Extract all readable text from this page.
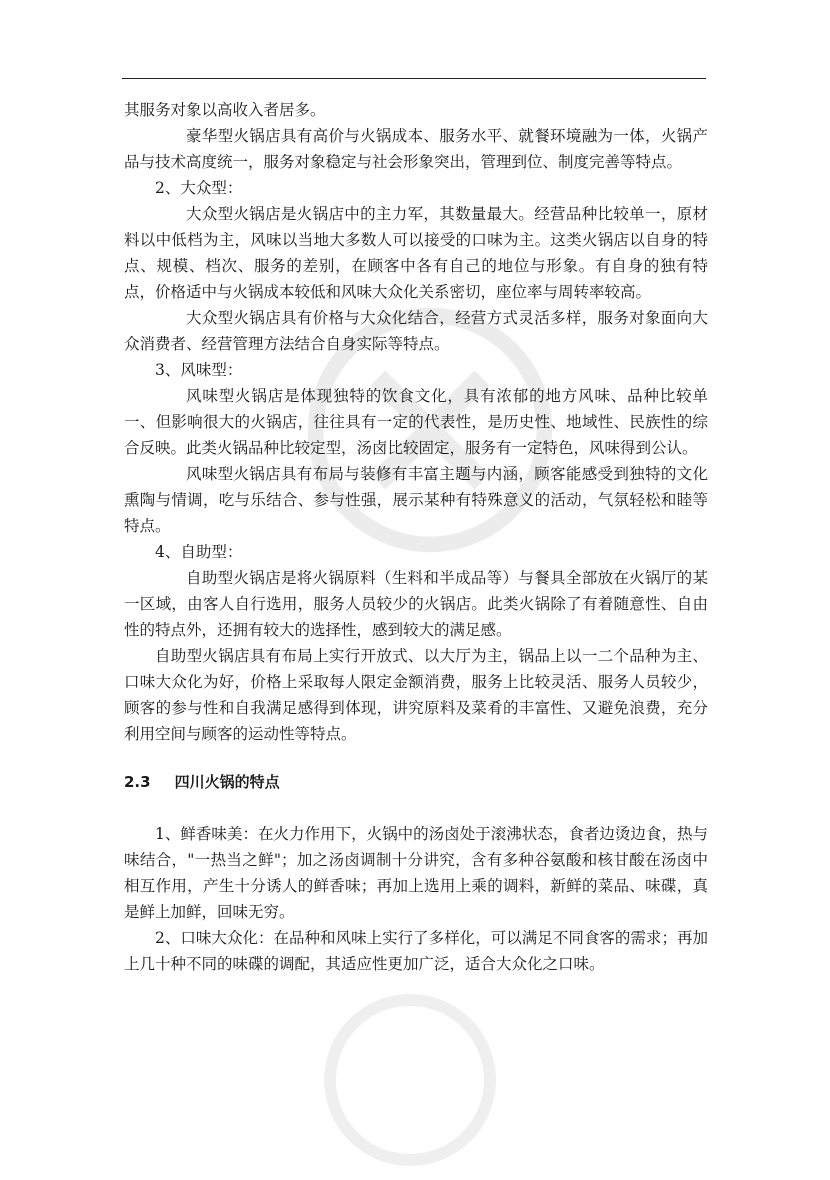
其服务对象以高收入者居多。

豪华型火锅店具有高价与火锅成本、服务水平、就餐环境融为一体，火锅产品与技术高度统一，服务对象稳定与社会形象突出，管理到位、制度完善等特点。

2、大众型：

大众型火锅店是火锅店中的主力军，其数量最大。经营品种比较单一，原材料以中低档为主，风味以当地大多数人可以接受的口味为主。这类火锅店以自身的特点、规模、档次、服务的差别，在顾客中各有自己的地位与形象。有自身的独有特点，价格适中与火锅成本较低和风味大众化关系密切，座位率与周转率较高。

大众型火锅店具有价格与大众化结合，经营方式灵活多样，服务对象面向大众消费者、经营管理方法结合自身实际等特点。

3、风味型：

风味型火锅店是体现独特的饮食文化，具有浓郁的地方风味、品种比较单一、但影响很大的火锅店，往往具有一定的代表性，是历史性、地域性、民族性的综合反映。此类火锅品种比较定型，汤卤比较固定，服务有一定特色，风味得到公认。

风味型火锅店具有布局与装修有丰富主题与内涵，顾客能感受到独特的文化熏陶与情调，吃与乐结合、参与性强，展示某种有特殊意义的活动，气氛轻松和睦等特点。

4、自助型：

自助型火锅店是将火锅原料（生料和半成品等）与餐具全部放在火锅厅的某一区域，由客人自行选用，服务人员较少的火锅店。此类火锅除了有着随意性、自由性的特点外，还拥有较大的选择性，感到较大的满足感。

自助型火锅店具有布局上实行开放式、以大厅为主，锅品上以一二个品种为主、口味大众化为好，价格上采取每人限定金额消费，服务上比较灵活、服务人员较少，顾客的参与性和自我满足感得到体现，讲究原料及菜肴的丰富性、又避免浪费，充分利用空间与顾客的运动性等特点。

2.3 四川火锅的特点

1、鲜香味美：在火力作用下，火锅中的汤卤处于滚沸状态，食者边烫边食，热与味结合，"一热当之鲜"；加之汤卤调制十分讲究，含有多种谷氨酸和核甘酸在汤卤中相互作用，产生十分诱人的鲜香味；再加上选用上乘的调料，新鲜的菜品、味碟，真是鲜上加鲜，回味无穷。

2、口味大众化：在品种和风味上实行了多样化，可以满足不同食客的需求；再加上几十种不同的味碟的调配，其适应性更加广泛，适合大众化之口味。
